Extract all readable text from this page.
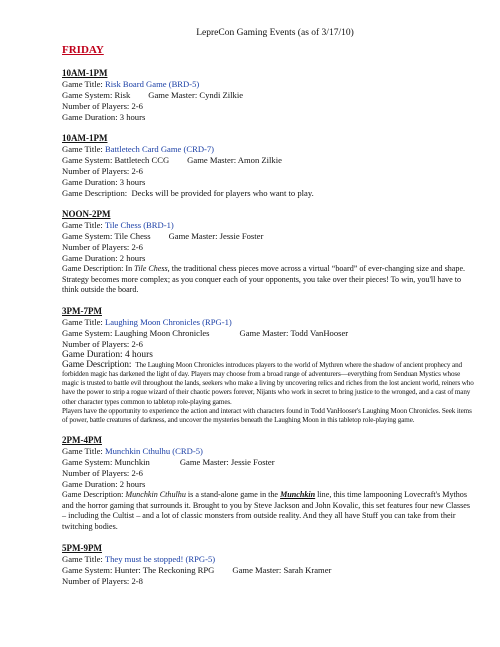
LepreCon Gaming Events (as of 3/17/10)
FRIDAY
10AM-1PM
Game Title: Risk Board Game (BRD-5)
Game System: Risk Game Master: Cyndi Zilkie
Number of Players: 2-6
Game Duration: 3 hours
10AM-1PM
Game Title: Battletech Card Game (CRD-7)
Game System: Battletech CCG Game Master: Amon Zilkie
Number of Players: 2-6
Game Duration: 3 hours
Game Description:  Decks will be provided for players who want to play.
NOON-2PM
Game Title: Tile Chess (BRD-1)
Game System: Tile Chess Game Master: Jessie Foster
Number of Players: 2-6
Game Duration: 2 hours
Game Description: In Tile Chess, the traditional chess pieces move across a virtual “board” of ever-changing size and shape. Strategy becomes more complex; as you conquer each of your opponents, you take over their pieces! To win, you'll have to think outside the board.
3PM-7PM
Game Title: Laughing Moon Chronicles (RPG-1)
Game System: Laughing Moon Chronicles	Game Master: Todd VanHooser
Number of Players: 2-6
Game Duration: 4 hours
Game Description:  The Laughing Moon Chronicles introduces players to the world of Mythren where the shadow of ancient prophecy and forbidden magic has darkened the light of day. Players may choose from a broad range of adventurers—everything from Senduan Mystics whose magic is trusted to battle evil throughout the lands, seekers who make a living by uncovering relics and riches from the lost ancient world, reiners who have the power to strip a rogue wizard of their chaotic powers forever, Nijants who work in secret to bring justice to the wronged, and a cast of many other character types common to tabletop role-playing games.
Players have the opportunity to experience the action and interact with characters found in Todd VanHooser's Laughing Moon Chronicles. Seek items of power, battle creatures of darkness, and uncover the mysteries beneath the Laughing Moon in this tabletop role-playing game.
2PM-4PM
Game Title: Munchkin Cthulhu (CRD-5)
Game System: Munchkin	Game Master: Jessie Foster
Number of Players: 2-6
Game Duration: 2 hours
Game Description: Munchkin Cthulhu is a stand-alone game in the Munchkin line, this time lampooning Lovecraft's Mythos and the horror gaming that surrounds it. Brought to you by Steve Jackson and John Kovalic, this set features four new Classes – including the Cultist – and a lot of classic monsters from outside reality. And they all have Stuff you can take from their twitching bodies.
5PM-9PM
Game Title: They must be stopped! (RPG-5)
Game System: Hunter: The Reckoning RPG Game Master: Sarah Kramer
Number of Players: 2-8
